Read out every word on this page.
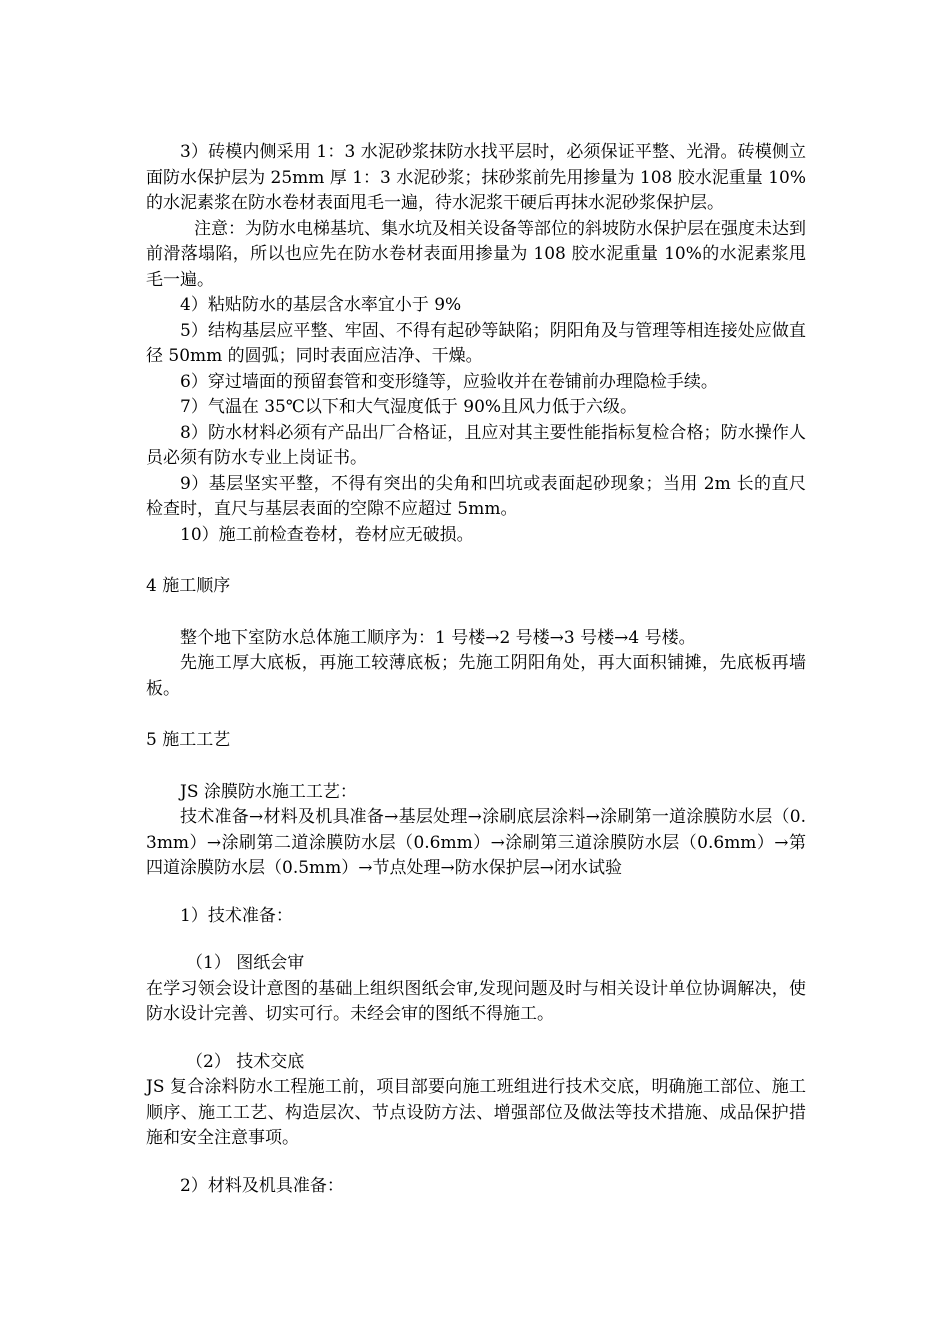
3）砖模内侧采用 1：3 水泥砂浆抹防水找平层时，必须保证平整、光滑。砖模侧立面防水保护层为 25mm 厚 1：3 水泥砂浆；抹砂浆前先用掺量为 108 胶水泥重量 10%的水泥素浆在防水卷材表面甩毛一遍，待水泥浆干硬后再抹水泥砂浆保护层。

注意：为防水电梯基坑、集水坑及相关设备等部位的斜坡防水保护层在强度未达到前滑落塌陷，所以也应先在防水卷材表面用掺量为 108 胶水泥重量 10%的水泥素浆甩毛一遍。

4）粘贴防水的基层含水率宜小于 9%

5）结构基层应平整、牢固、不得有起砂等缺陷；阴阳角及与管理等相连接处应做直径 50mm 的圆弧；同时表面应洁净、干燥。

6）穿过墙面的预留套管和变形缝等，应验收并在卷铺前办理隐检手续。

7）气温在 35℃以下和大气湿度低于 90%且风力低于六级。

8）防水材料必须有产品出厂合格证，且应对其主要性能指标复检合格；防水操作人员必须有防水专业上岗证书。

9）基层坚实平整，不得有突出的尖角和凹坑或表面起砂现象；当用 2m 长的直尺检查时，直尺与基层表面的空隙不应超过 5mm。

10）施工前检查卷材，卷材应无破损。

4 施工顺序

整个地下室防水总体施工顺序为：1 号楼→2 号楼→3 号楼→4 号楼。

先施工厚大底板，再施工较薄底板；先施工阴阳角处，再大面积铺摊，先底板再墙板。

5 施工工艺

JS 涂膜防水施工工艺：

技术准备→材料及机具准备→基层处理→涂刷底层涂料→涂刷第一道涂膜防水层（0.3mm）→涂刷第二道涂膜防水层（0.6mm）→涂刷第三道涂膜防水层（0.6mm）→第四道涂膜防水层（0.5mm）→节点处理→防水保护层→闭水试验

1）技术准备：

（1） 图纸会审

在学习领会设计意图的基础上组织图纸会审,发现问题及时与相关设计单位协调解决，使防水设计完善、切实可行。未经会审的图纸不得施工。

（2） 技术交底

JS 复合涂料防水工程施工前，项目部要向施工班组进行技术交底，明确施工部位、施工顺序、施工工艺、构造层次、节点设防方法、增强部位及做法等技术措施、成品保护措施和安全注意事项。

2）材料及机具准备：
